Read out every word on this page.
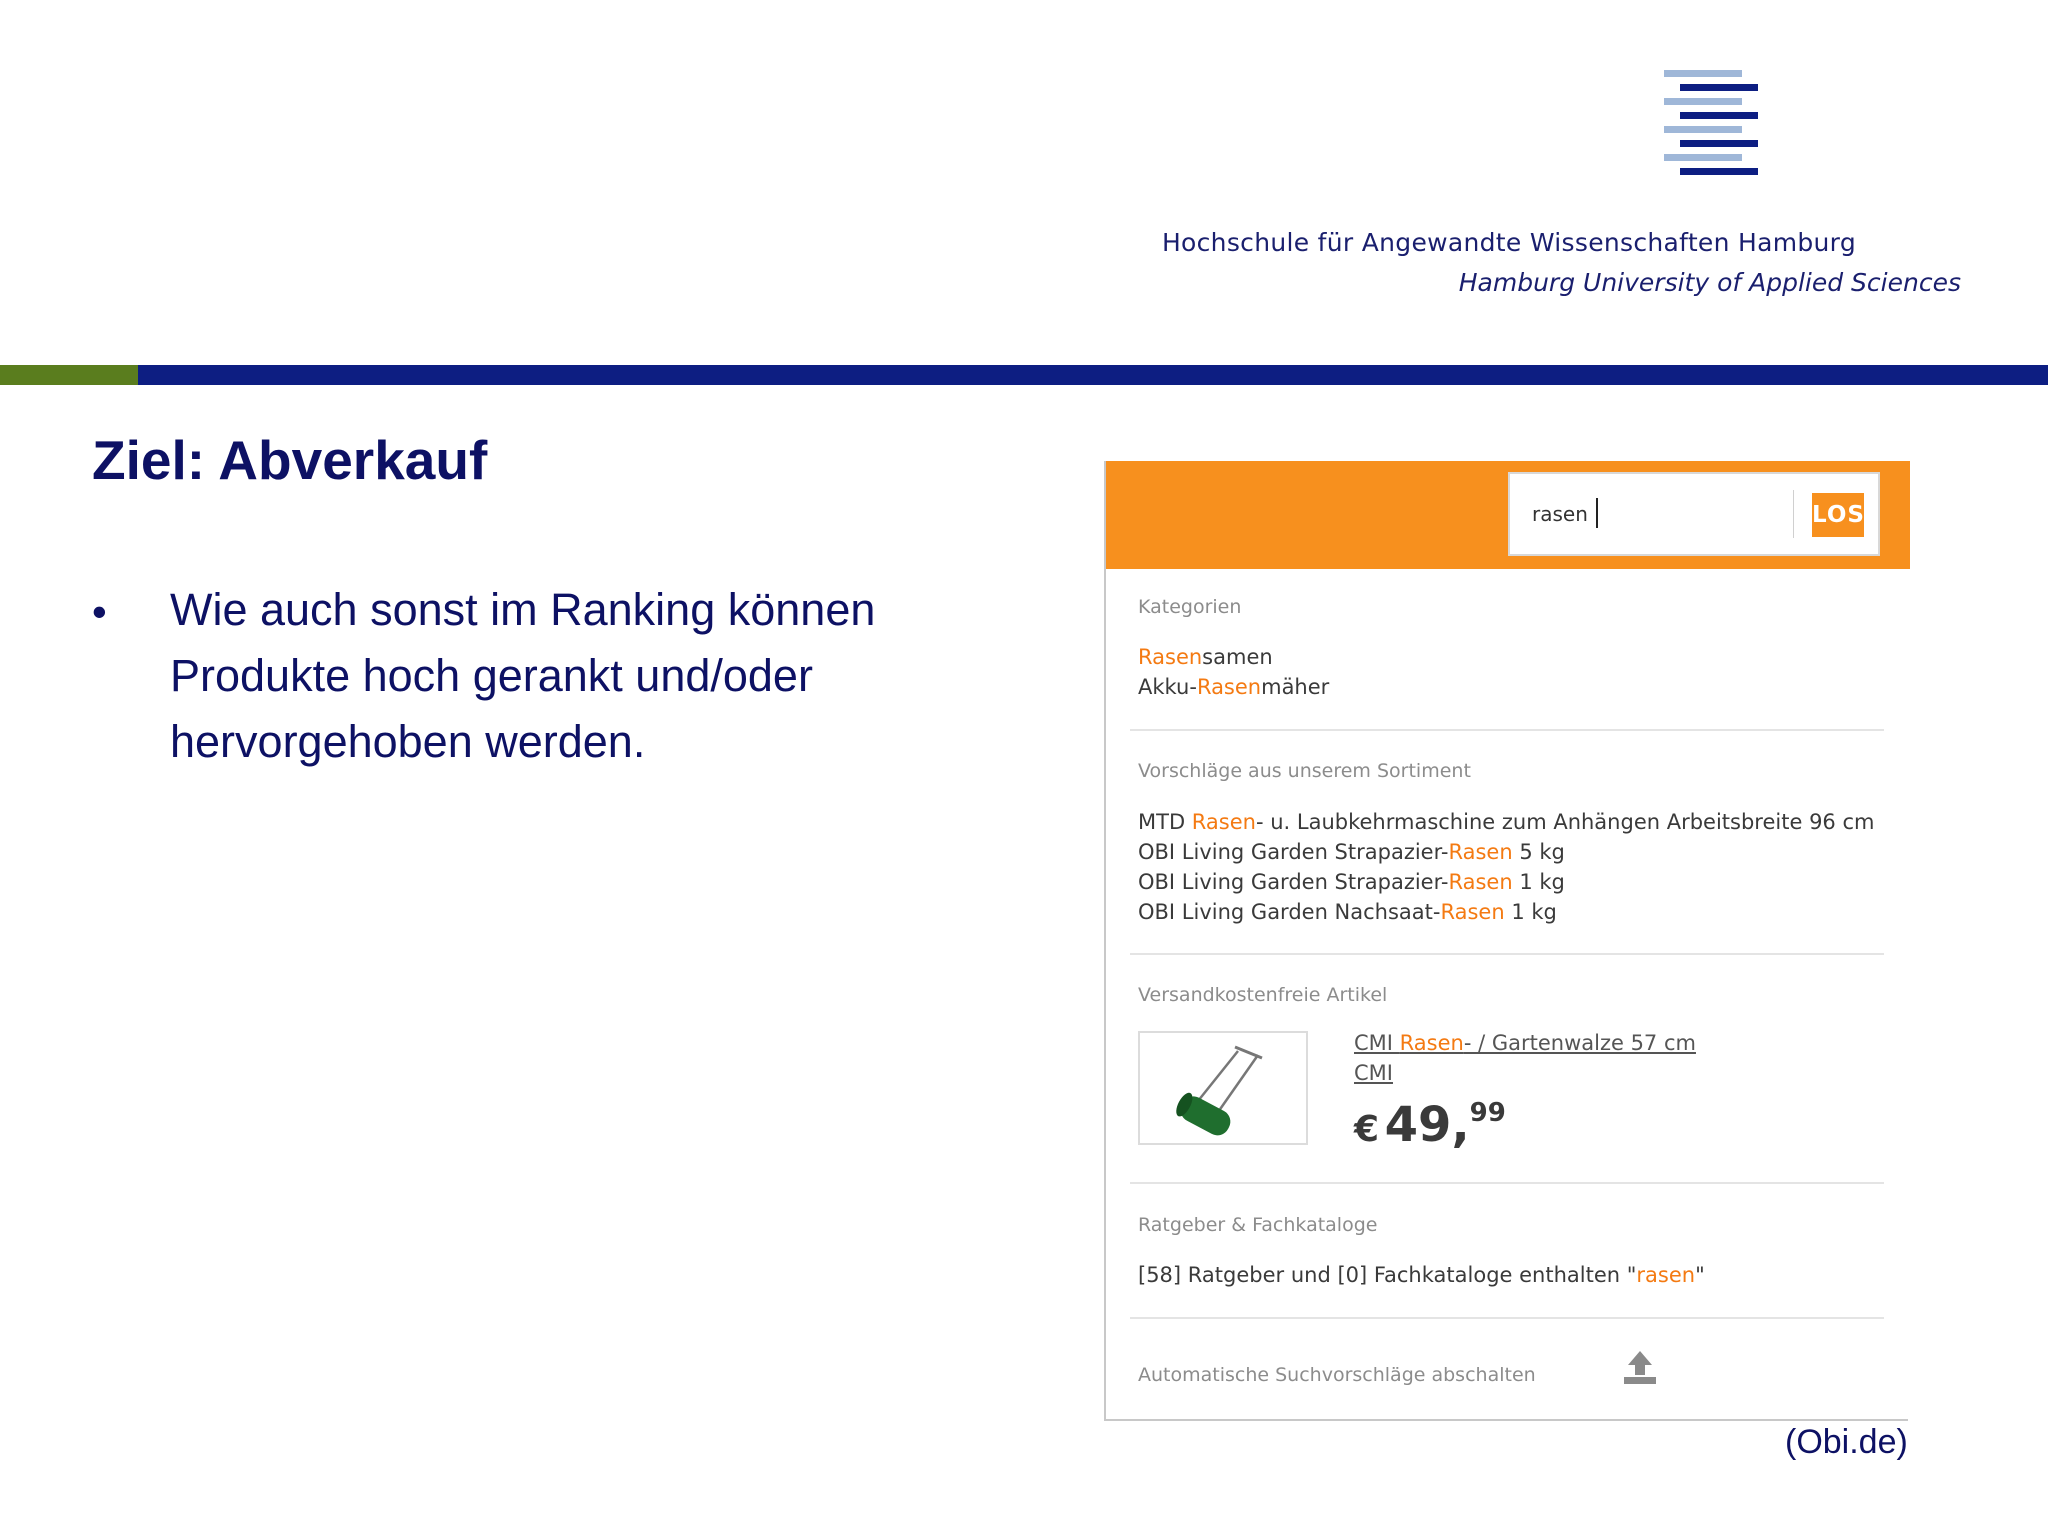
Hochschule für Angewandte Wissenschaften Hamburg
Hamburg University of Applied Sciences
Ziel: Abverkauf
• Wie auch sonst im Ranking können Produkte hoch gerankt und/oder hervorgehoben werden.
rasen
LOS
Kategorien
Rasensamen
Akku-Rasenmäher
Vorschläge aus unserem Sortiment
MTD Rasen- u. Laubkehrmaschine zum Anhängen Arbeitsbreite 96 cm
OBI Living Garden Strapazier-Rasen 5 kg
OBI Living Garden Strapazier-Rasen 1 kg
OBI Living Garden Nachsaat-Rasen 1 kg
Versandkostenfreie Artikel
CMI Rasen- / Gartenwalze 57 cm
CMI
€ 49,99
Ratgeber & Fachkataloge
[58] Ratgeber und [0] Fachkataloge enthalten "rasen"
Automatische Suchvorschläge abschalten
(Obi.de)
